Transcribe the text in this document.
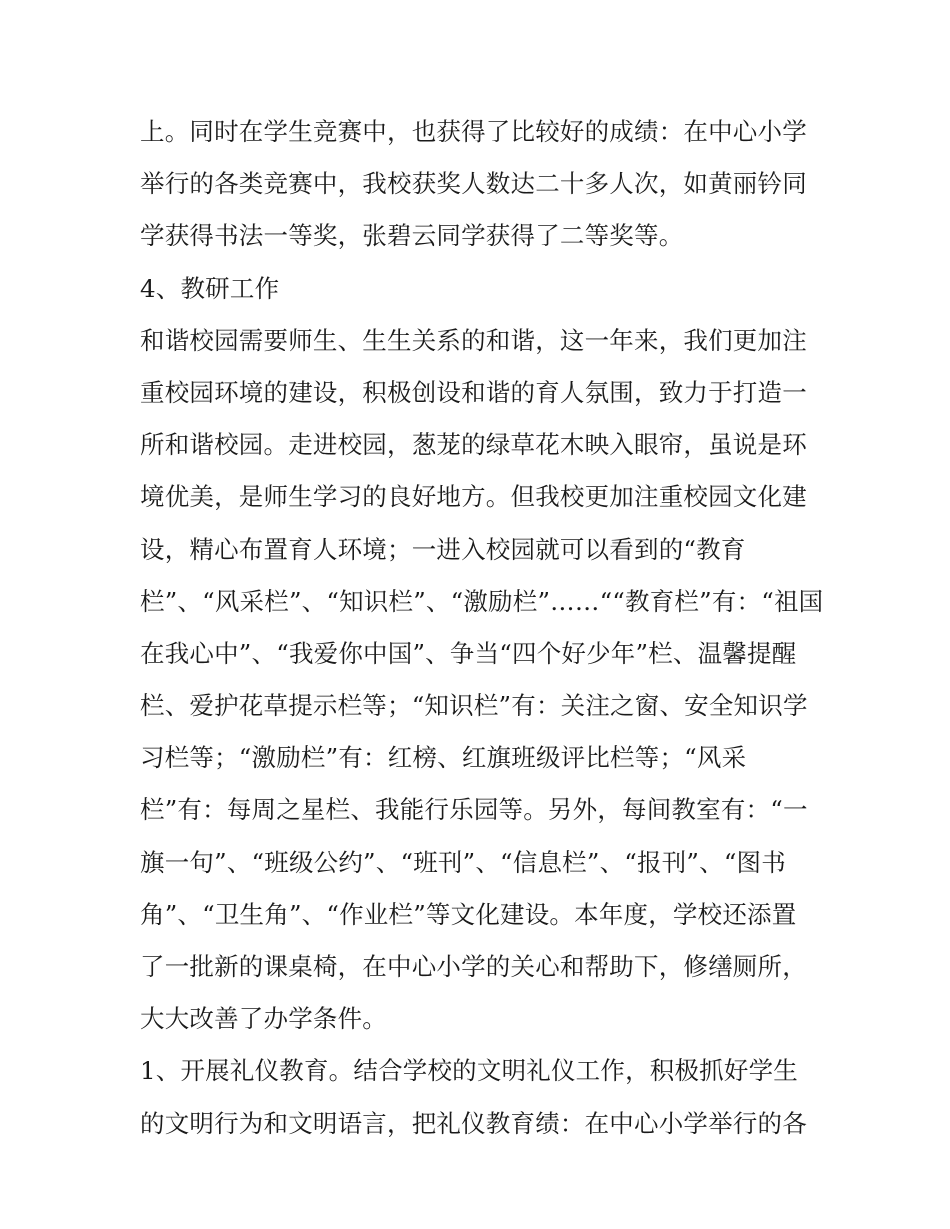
上。同时在学生竞赛中，也获得了比较好的成绩：在中心小学
举行的各类竞赛中，我校获奖人数达二十多人次，如黄丽钤同
学获得书法一等奖，张碧云同学获得了二等奖等。
4、教研工作
和谐校园需要师生、生生关系的和谐，这一年来，我们更加注
重校园环境的建设，积极创设和谐的育人氛围，致力于打造一
所和谐校园。走进校园，葱茏的绿草花木映入眼帘，虽说是环
境优美，是师生学习的良好地方。但我校更加注重校园文化建
设，精心布置育人环境；一进入校园就可以看到的“教育
栏”、“风采栏”、“知识栏”、“激励栏”……““教育栏”有：“祖国
在我心中”、“我爱你中国”、争当“四个好少年”栏、温馨提醒
栏、爱护花草提示栏等；“知识栏”有：关注之窗、安全知识学
习栏等；“激励栏”有：红榜、红旗班级评比栏等；“风采
栏”有：每周之星栏、我能行乐园等。另外，每间教室有：“一
旗一句”、“班级公约”、“班刊”、“信息栏”、“报刊”、“图书
角”、“卫生角”、“作业栏”等文化建设。本年度，学校还添置
了一批新的课桌椅，在中心小学的关心和帮助下，修缮厕所，
大大改善了办学条件。
1、开展礼仪教育。结合学校的文明礼仪工作，积极抓好学生
的文明行为和文明语言，把礼仪教育绩：在中心小学举行的各
